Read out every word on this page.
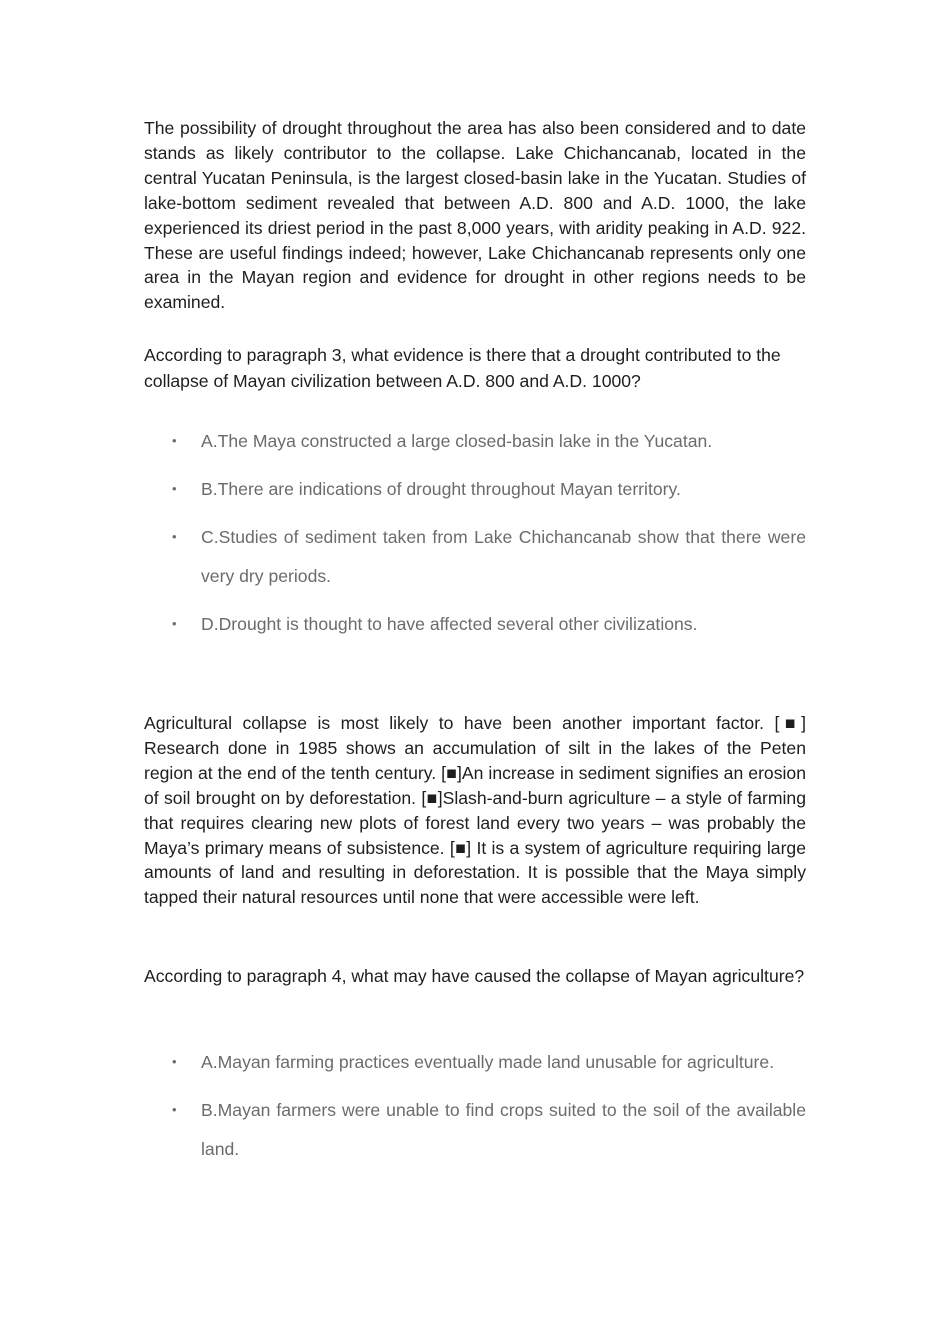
The possibility of drought throughout the area has also been considered and to date stands as likely contributor to the collapse. Lake Chichancanab, located in the central Yucatan Peninsula, is the largest closed-basin lake in the Yucatan. Studies of lake-bottom sediment revealed that between A.D. 800 and A.D. 1000, the lake experienced its driest period in the past 8,000 years, with aridity peaking in A.D. 922. These are useful findings indeed; however, Lake Chichancanab represents only one area in the Mayan region and evidence for drought in other regions needs to be examined.

According to paragraph 3, what evidence is there that a drought contributed to the collapse of Mayan civilization between A.D. 800 and A.D. 1000?

• A.The Maya constructed a large closed-basin lake in the Yucatan.
• B.There are indications of drought throughout Mayan territory.
• C.Studies of sediment taken from Lake Chichancanab show that there were very dry periods.
• D.Drought is thought to have affected several other civilizations.

Agricultural collapse is most likely to have been another important factor. [■] Research done in 1985 shows an accumulation of silt in the lakes of the Peten region at the end of the tenth century. [■]An increase in sediment signifies an erosion of soil brought on by deforestation. [■]Slash-and-burn agriculture – a style of farming that requires clearing new plots of forest land every two years – was probably the Maya’s primary means of subsistence. [■] It is a system of agriculture requiring large amounts of land and resulting in deforestation. It is possible that the Maya simply tapped their natural resources until none that were accessible were left.

According to paragraph 4, what may have caused the collapse of Mayan agriculture?

• A.Mayan farming practices eventually made land unusable for agriculture.
• B.Mayan farmers were unable to find crops suited to the soil of the available land.
